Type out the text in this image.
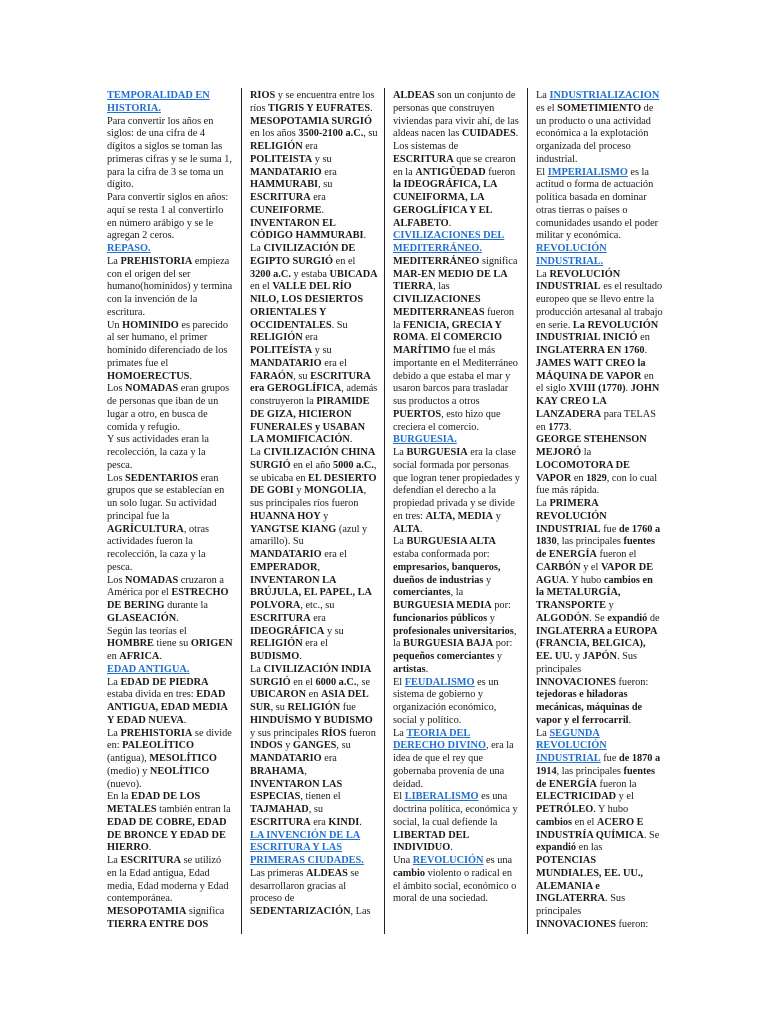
TEMPORALIDAD EN HISTORIA.

Para convertir los años en siglos: de una cifra de 4 dígitos a siglos se toman las primeras cifras y se le suma 1, para la cifra de 3 se toma un dígito.

Para convertir siglos en años: aquí se resta 1 al convertirlo en número arábigo y se le agregan 2 ceros.

REPASO.

La PREHISTORIA empieza con el origen del ser humano(homínidos) y termina con la invención de la escritura.

Un HOMINIDO es parecido al ser humano, el primer homínido diferenciado de los primates fue el HOMOERECTUS.

Los NOMADAS eran grupos de personas que iban de un lugar a otro, en busca de comida y refugio.

Y sus actividades eran la recolección, la caza y la pesca.

Los SEDENTARIOS eran grupos que se establecían en un solo lugar. Su actividad principal fue la AGRÍCULTURA, otras actividades fueron la recolección, la caza y la pesca.

Los NOMADAS cruzaron a América por el ESTRECHO DE BERING durante la GLASEACIÓN.

Según las teorías el HOMBRE tiene su ORIGEN en AFRICA.

EDAD ANTIGUA.

La EDAD DE PIEDRA estaba divida en tres: EDAD ANTIGUA, EDAD MEDIA Y EDAD NUEVA.

La PREHISTORIA se divide en: PALEOLÍTICO (antigua), MESOLÍTICO (medio) y NEOLÍTICO (nuevo).

En la EDAD DE LOS METALES también entran la EDAD DE COBRE, EDAD DE BRONCE Y EDAD DE HIERRO.

La ESCRITURA se utilizó en la Edad antigua, Edad media, Edad moderna y Edad contemporánea.

MESOPOTAMIA significa TIERRA ENTRE DOS

RÍOS y se encuentra entre los ríos TIGRIS Y EUFRATES. MESOPOTAMIA SURGIÓ en los años 3500-2100 a.C., su RELIGIÓN era POLITEISTA y su MANDATARIO era HAMMURABI, su ESCRITURA era CUNEIFORME. INVENTARON EL CÓDIGO HAMMURABI.

La CIVILIZACIÓN DE EGIPTO SURGIÓ en el 3200 a.C. y estaba UBICADA en el VALLE DEL RÍO NILO, LOS DESIERTOS ORIENTALES Y OCCIDENTALES. Su RELIGIÓN era POLITEÍSTA y su MANDATARIO era el FARAÓN, su ESCRITURA era GEROGLÍFICA, además construyeron la PIRAMIDE DE GIZA, HICIERON FUNERALES y USABAN LA MOMIFICACIÓN.

La CIVILIZACIÓN CHINA SURGIÓ en el año 5000 a.C., se ubicaba en EL DESIERTO DE GOBI y MONGOLIA, sus principales ríos fueron HUANNA HOY y YANGTSE KIANG (azul y amarillo). Su MANDATARIO era el EMPERADOR, INVENTARON LA BRÚJULA, EL PAPEL, LA POLVORA, etc., su ESCRITURA era IDEOGRÁFICA y su RELIGIÓN era el BUDISMO.

La CIVILIZACIÓN INDIA SURGIÓ en el 6000 a.C., se UBICARON en ASIA DEL SUR, su RELIGIÓN fue HINDUÍSMO Y BUDISMO y sus principales RÍOS fueron INDOS y GANGES, su MANDATARIO era BRAHAMA, INVENTARON LAS ESPECIAS, tienen el TAJMAHAD, su ESCRITURA era KINDI.

LA INVENCIÓN DE LA ESCRITURA Y LAS PRIMERAS CIUDADES.

Las primeras ALDEAS se desarrollaron gracias al proceso de SEDENTARIZACIÓN, Las

ALDEAS son un conjunto de personas que construyen viviendas para vivir ahí, de las aldeas nacen las CUIDADES. Los sistemas de ESCRITURA que se crearon en la ANTIGÜEDAD fueron la IDEOGRÁFICA, LA CUNEIFORMA, LA GEROGLÍFICA Y EL ALFABETO.

CIVILIZACIONES DEL MEDITERRÁNEO.

MEDITERRÁNEO significa MAR-EN MEDIO DE LA TIERRA, las CIVILIZACIONES MEDITERRANEAS fueron la FENICIA, GRECIA Y ROMA. El COMERCIO MARÍTIMO fue el más importante en el Mediterráneo debido a que estaba el mar y usaron barcos para trasladar sus productos a otros PUERTOS, esto hizo que creciera el comercio.

BURGUESIA.

La BURGUESIA era la clase social formada por personas que logran tener propiedades y defendían el derecho a la propiedad privada y se divide en tres: ALTA, MEDIA y ALTA.

La BURGUESIA ALTA estaba conformada por: empresarios, banqueros, dueños de industrias y comerciantes, la BURGUESIA MEDIA por: funcionarios públicos y profesionales universitarios, la BURGUESIA BAJA por: pequeños comerciantes y artistas.

El FEUDALISMO es un sistema de gobierno y organización económico, social y político.

La TEORIA DEL DERECHO DIVINO, era la idea de que el rey que gobernaba provenía de una deidad.

El LIBERALISMO es una doctrina política, económica y social, la cual defiende la LIBERTAD DEL INDIVIDUO.

Una REVOLUCIÓN es una cambio violento o radical en el ámbito social, económico o moral de una sociedad.

La INDUSTRIALIZACIÓN es el SOMETIMIENTO de un producto o una actividad económica a la explotación organizada del proceso industrial.

El IMPERIALISMO es la actitud o forma de actuación política basada en dominar otras tierras o países o comunidades usando el poder militar y económica.

REVOLUCIÓN INDUSTRIAL.

La REVOLUCIÓN INDUSTRIAL es el resultado europeo que se llevo entre la producción artesanal al trabajo en serie. La REVOLUCIÓN INDUSTRIAL INICIÓ en INGLATERRA EN 1760. JAMES WATT CREO la MÁQUINA DE VAPOR en el siglo XVIII (1770). JOHN KAY CREO LA LANZADERA para TELAS en 1773.

GEORGE STEHENSON MEJORÓ la LOCOMOTORA DE VAPOR en 1829, con lo cual fue más rápida.

La PRIMERA REVOLUCIÓN INDUSTRIAL fue de 1760 a 1830, las principales fuentes de ENERGÍA fueron el CARBÓN y el VAPOR DE AGUA. Y hubo cambios en la METALURGÍA, TRANSPORTE y ALGODÓN. Se expandió de INGLATERRA a EUROPA (FRANCIA, BELGICA), EE. UU. y JAPÓN. Sus principales INNOVACIONES fueron: tejedoras e hiladoras mecánicas, máquinas de vapor y el ferrocarril.

La SEGUNDA REVOLUCIÓN INDUSTRIAL fue de 1870 a 1914, las principales fuentes de ENERGÍA fueron la ELECTRICIDAD y el PETRÓLEO. Y hubo cambios en el ACERO E INDUSTRÍA QUÍMICA. Se expandió en las POTENCIAS MUNDIALES, EE. UU., ALEMANIA e INGLATERRA. Sus principales INNOVACIONES fueron:
